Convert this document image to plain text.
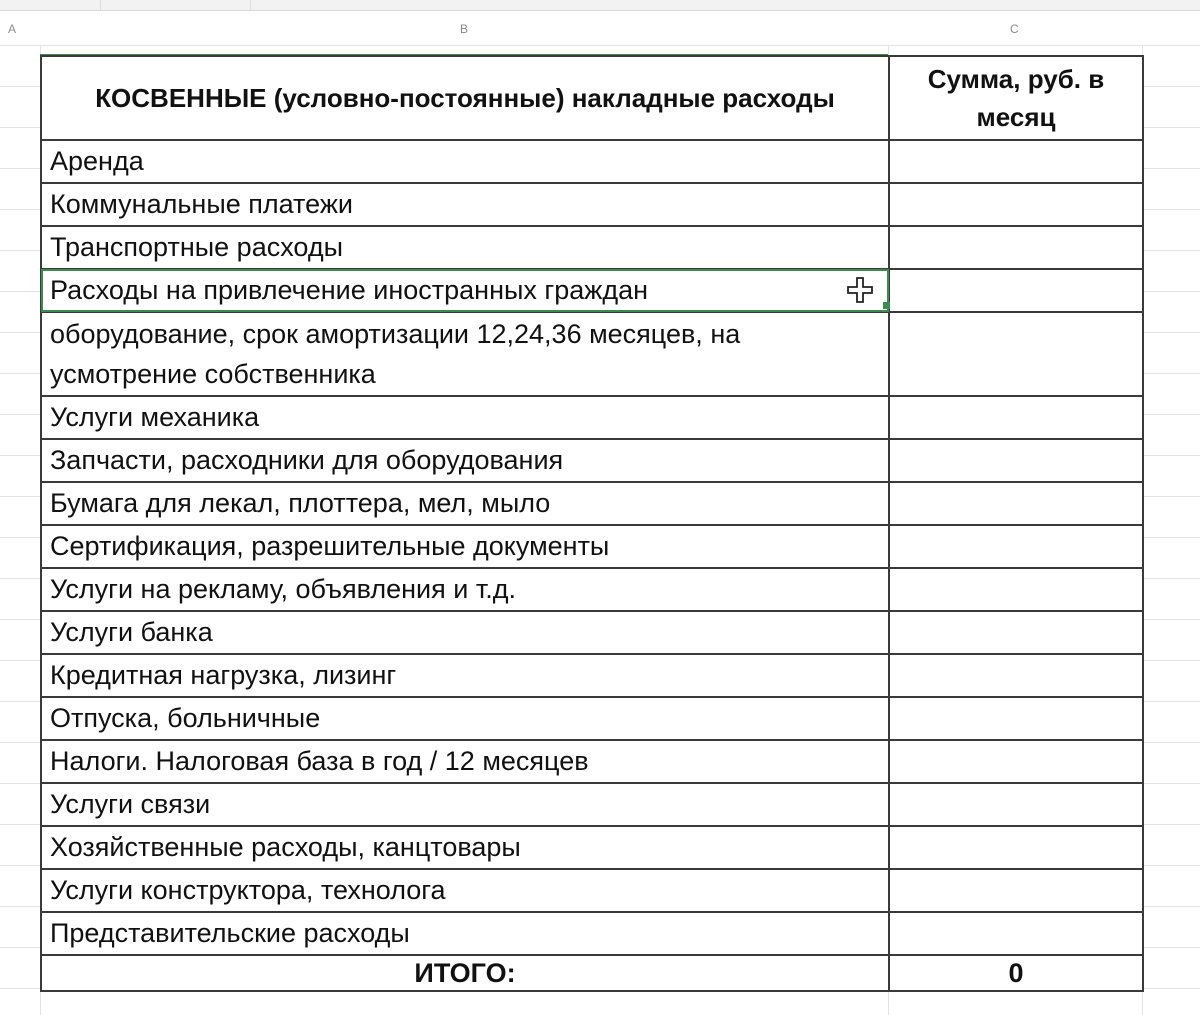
A	B	C
КОСВЕННЫЕ (условно-постоянные) накладные расходы	Сумма, руб. в месяц
Аренда	
Коммунальные платежи	
Транспортные расходы	
Расходы на привлечение иностранных граждан

оборудование, срок амортизации 12,24,36 месяцев, на усмотрение собственника	
Услуги механика	
Запчасти, расходники для оборудования	
Бумага для лекал, плоттера, мел, мыло	
Сертификация, разрешительные документы	
Услуги на рекламу, объявления и т.д.	
Услуги банка	
Кредитная нагрузка, лизинг	
Отпуска, больничные	
Налоги. Налоговая база в год / 12 месяцев	
Услуги связи	
Хозяйственные расходы, канцтовары	
Услуги конструктора, технолога	
Представительские расходы	
ИТОГО:	0
